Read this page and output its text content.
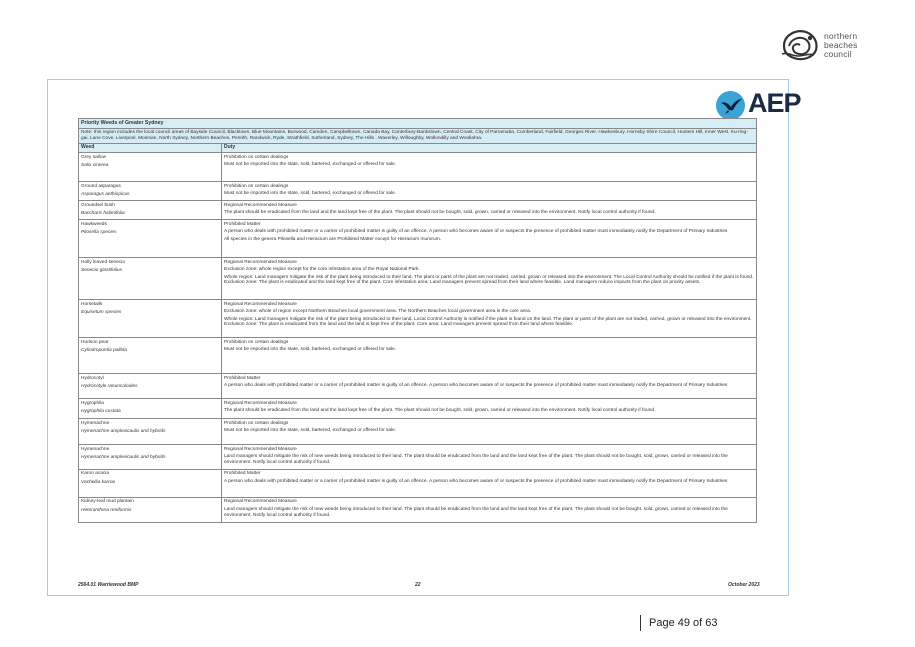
northern
beaches
council
AEP
Priority Weeds of Greater Sydney	
Note: this region includes the local council areas of Bayside Council, Blacktown, Blue Mountains, Burwood, Camden, Campbelltown, Canada Bay, Canterbury-Bankstown, Central Coast, City of Parramatta, Cumberland, Fairfield, Georges River, Hawkesbury, Hornsby Shire Council, Hunters Hill, Inner West, Ku-ring-gai, Lane Cove, Liverpool, Mosman, North Sydney, Northern Beaches, Penrith, Randwick, Ryde, Strathfield, Sutherland, Sydney, The Hills , Waverley, Willoughby, Wollondilly and Woollahra.	
Weed	Duty

Grey sallow
Salix cinerea	Prohibition on certain dealings
Must not be imported into the state, sold, bartered, exchanged or offered for sale.

Ground asparagus
Asparagus aethiopicus	Prohibition on certain dealings
Must not be imported into the state, sold, bartered, exchanged or offered for sale.

Groundsel bush
Baccharis halimifolia	Regional Recommended Measure
The plant should be eradicated from the land and the land kept free of the plant. The plant should not be bought, sold, grown, carried or released into the environment. Notify local control authority if found.

Hawkweeds
Pilosella species	Prohibited Matter
A person who deals with prohibited matter or a carrier of prohibited matter is guilty of an offence. A person who becomes aware of or suspects the presence of prohibited matter must immediately notify the Department of Primary Industries
All species in the genera Pilosella and Hieracium are Prohibited Matter except for Hieracium murorum.

Holly leaved senecio
Senecio glastifolius	Regional Recommended Measure
Exclusion zone: whole region except for the core infestation area of the Royal National Park.
Whole region: Land managers mitigate the risk of the plant being introduced to their land. The plant or parts of the plant are not traded, carried, grown or released into the environment. The Local Control Authority should be notified if the plant is found. Exclusion zone: The plant is eradicated and the land kept free of the plant. Core infestation area: Land managers prevent spread from their land where feasible. Land managers reduce impacts from the plant on priority assets.

Horsetails
Equisetum species	Regional Recommended Measure
Exclusion zone: whole of region except Northern Beaches local government area. The Northern Beaches local government area is the core area.
Whole region: Land managers mitigate the risk of the plant being introduced to their land. Local Control Authority is notified if the plant is found on the land. The plant or parts of the plant are not traded, carried, grown or released into the environment. Exclusion zone: The plant is eradicated from the land and the land is kept free of the plant. Core area: Land managers prevent spread from their land where feasible.

Hudson pear
Cylindropuntia pallida	Prohibition on certain dealings
Must not be imported into the state, sold, bartered, exchanged or offered for sale.

Hydrocotyl
Hydrocotyle ranunculoides	Prohibited Matter
A person who deals with prohibited matter or a carrier of prohibited matter is guilty of an offence. A person who becomes aware of or suspects the presence of prohibited matter must immediately notify the Department of Primary Industries

Hygrophila
Hygrophila costata	Regional Recommended Measure
The plant should be eradicated from the land and the land kept free of the plant. The plant should not be bought, sold, grown, carried or released into the environment. Notify local control authority if found.

Hymenachne
Hymenachne amplexicaulis and hybrids	Prohibition on certain dealings
Must not be imported into the state, sold, bartered, exchanged or offered for sale.

Hymenachne
Hymenachne amplexicaulis and hybrids	Regional Recommended Measure
Land managers should mitigate the risk of new weeds being introduced to their land. The plant should be eradicated from the land and the land kept free of the plant. The plant should not be bought, sold, grown, carried or released into the environment. Notify local control authority if found.

Karoo acacia
Vachellia karroo	Prohibited Matter
A person who deals with prohibited matter or a carrier of prohibited matter is guilty of an offence. A person who becomes aware of or suspects the presence of prohibited matter must immediately notify the Department of Primary Industries

Kidney-leaf mud plantain
Heteranthera reniformis	Regional Recommended Measure
Land managers should mitigate the risk of new weeds being introduced to their land. The plant should be eradicated from the land and the land kept free of the plant. The plant should not be bought, sold, grown, carried or released into the environment. Notify local control authority if found.
2564.01 Warriewood BMP	22	October 2023
Page 49 of 63
